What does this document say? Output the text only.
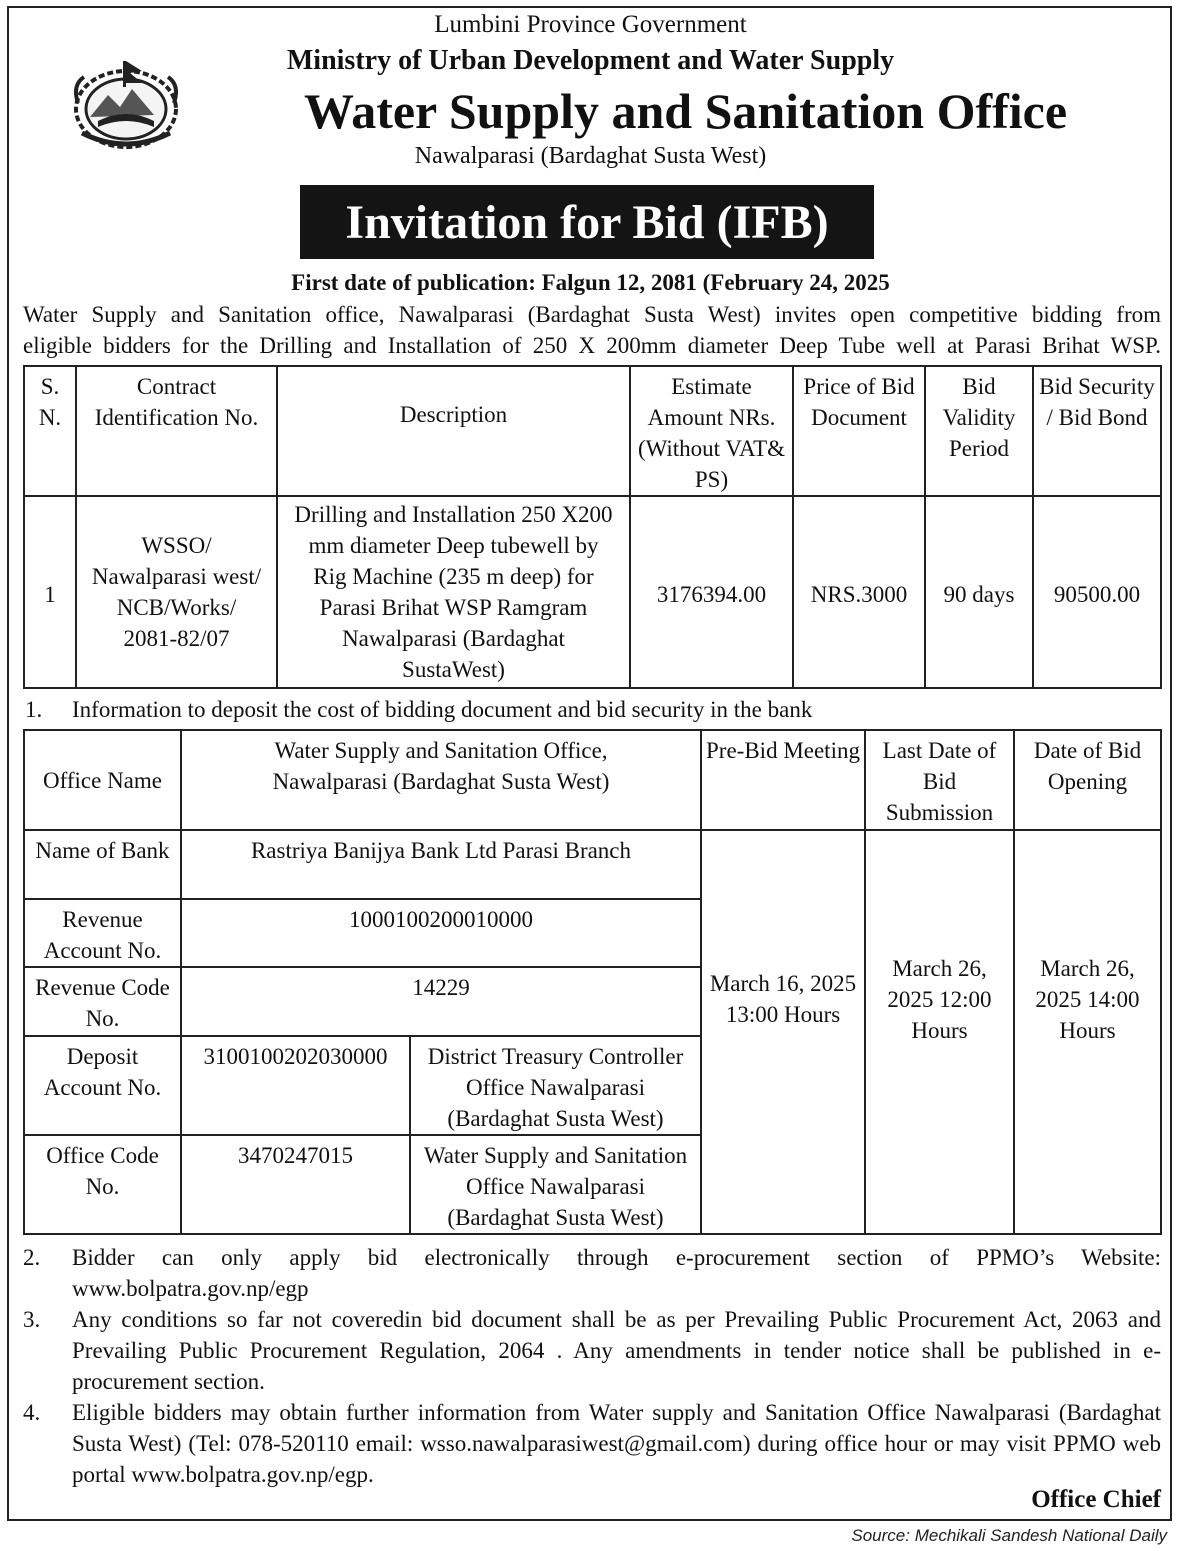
Lumbini Province Government
Ministry of Urban Development and Water Supply
Water Supply and Sanitation Office
Nawalparasi (Bardaghat Susta West)
Invitation for Bid (IFB)
First date of publication: Falgun 12, 2081 (February 24, 2025
Water Supply and Sanitation office, Nawalparasi (Bardaghat Susta West) invites open competitive bidding from
eligible bidders for the Drilling and Installation of 250 X 200mm diameter Deep Tube well at Parasi Brihat WSP.
S. N.	Contract Identification No.	Description	Estimate Amount NRs. (Without VAT& PS)	Price of Bid Document	Bid Validity Period	Bid Security / Bid Bond
1	WSSO/ Nawalparasi west/ NCB/Works/ 2081-82/07	Drilling and Installation 250 X200 mm diameter Deep tubewell by Rig Machine (235 m deep) for Parasi Brihat WSP Ramgram Nawalparasi (Bardaghat SustaWest)	3176394.00	NRS.3000	90 days	90500.00
1. Information to deposit the cost of bidding document and bid security in the bank
Office Name	Water Supply and Sanitation Office, Nawalparasi (Bardaghat Susta West)		Pre-Bid Meeting	Last Date of Bid Submission	Date of Bid Opening
Name of Bank	Rastriya Banijya Bank Ltd Parasi Branch		March 16, 2025 13:00 Hours	March 26, 2025 12:00 Hours	March 26, 2025 14:00 Hours
Revenue Account No.	1000100200010000				
Revenue Code No.	14229				
Deposit Account No.	3100100202030000	District Treasury Controller Office Nawalparasi (Bardaghat Susta West)			
Office Code No.	3470247015	Water Supply and Sanitation Office Nawalparasi (Bardaghat Susta West)			
2.	Bidder can only apply bid electronically through e-procurement section of PPMO’s Website: www.bolpatra.gov.np/egp
3.	Any conditions so far not coveredin bid document shall be as per Prevailing Public Procurement Act, 2063 and Prevailing Public Procurement Regulation, 2064 . Any amendments in tender notice shall be published in e-procurement section.
4.	Eligible bidders may obtain further information from Water supply and Sanitation Office Nawalparasi (Bardaghat Susta West) (Tel: 078-520110 email: wsso.nawalparasiwest@gmail.com) during office hour or may visit PPMO web portal www.bolpatra.gov.np/egp.
Office Chief
Source: Mechikali Sandesh National Daily
